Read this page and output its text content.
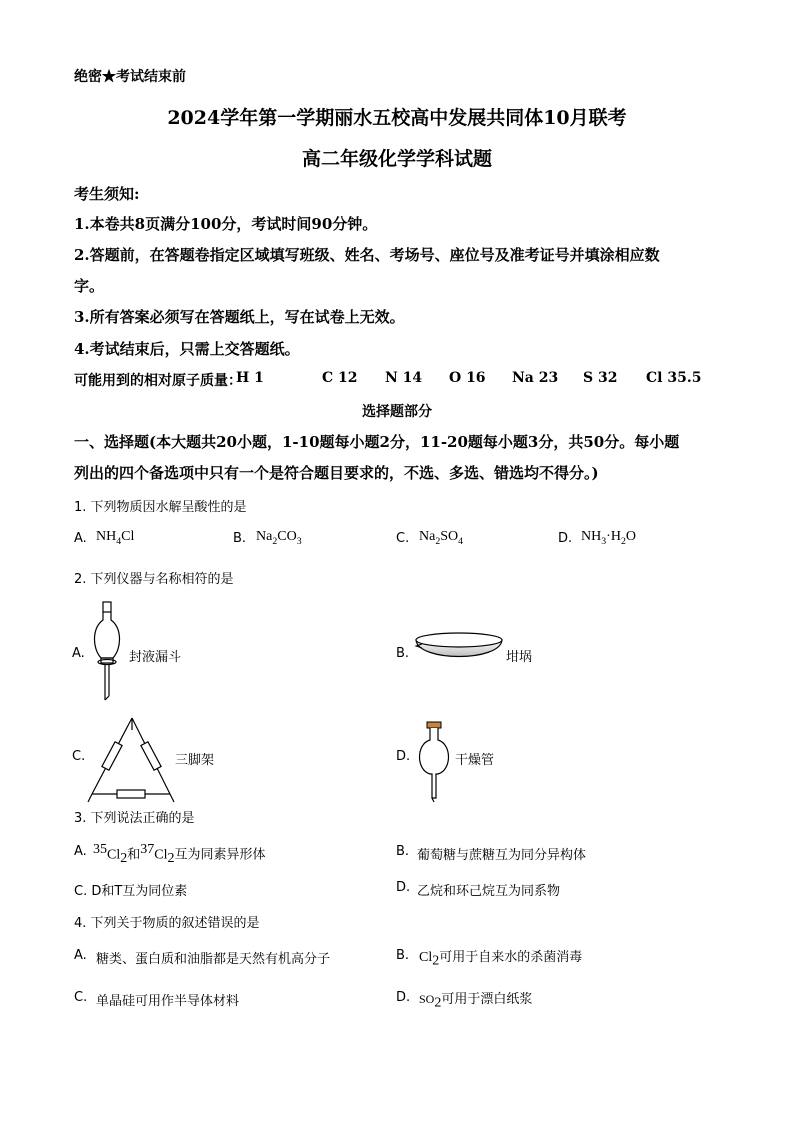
绝密★考试结束前
2024学年第一学期丽水五校高中发展共同体10月联考
高二年级化学学科试题
考生须知:
1.本卷共8页满分100分，考试时间90分钟。
2.答题前，在答题卷指定区域填写班级、姓名、考场号、座位号及准考证号并填涂相应数
字。
3.所有答案必须写在答题纸上，写在试卷上无效。
4.考试结束后，只需上交答题纸。
可能用到的相对原子质量：
H 1	C 12 N 14 O 16 Na 23 S 32 Cl 35.5
选择题部分
一、选择题(本大题共20小题，1-10题每小题2分，11-20题每小题3分，共50分。每小题
列出的四个备选项中只有一个是符合题目要求的，不选、多选、错选均不得分。)
1. 下列物质因水解呈酸性的是
A. $NH_4Cl$	B. $Na_2CO_3$	C. $Na_2SO_4$	D. $NH_3\cdot H_2O$
2. 下列仪器与名称相符的是
A.	封液漏斗	B.	坩埚
C.	三脚架	D.	干燥管
3. 下列说法正确的是
A. $^{35}Cl_2$和$^{37}Cl_2$互为同素异形体	B. 葡萄糖与蔗糖互为同分异构体
C. D和T互为同位素	D. 乙烷和环己烷互为同系物
4. 下列关于物质的叙述错误的是
A. 糖类、蛋白质和油脂都是天然有机高分子	B. $Cl_2$可用于自来水的杀菌消毒
C. 单晶硅可用作半导体材料	D. $SO_2$可用于漂白纸浆
